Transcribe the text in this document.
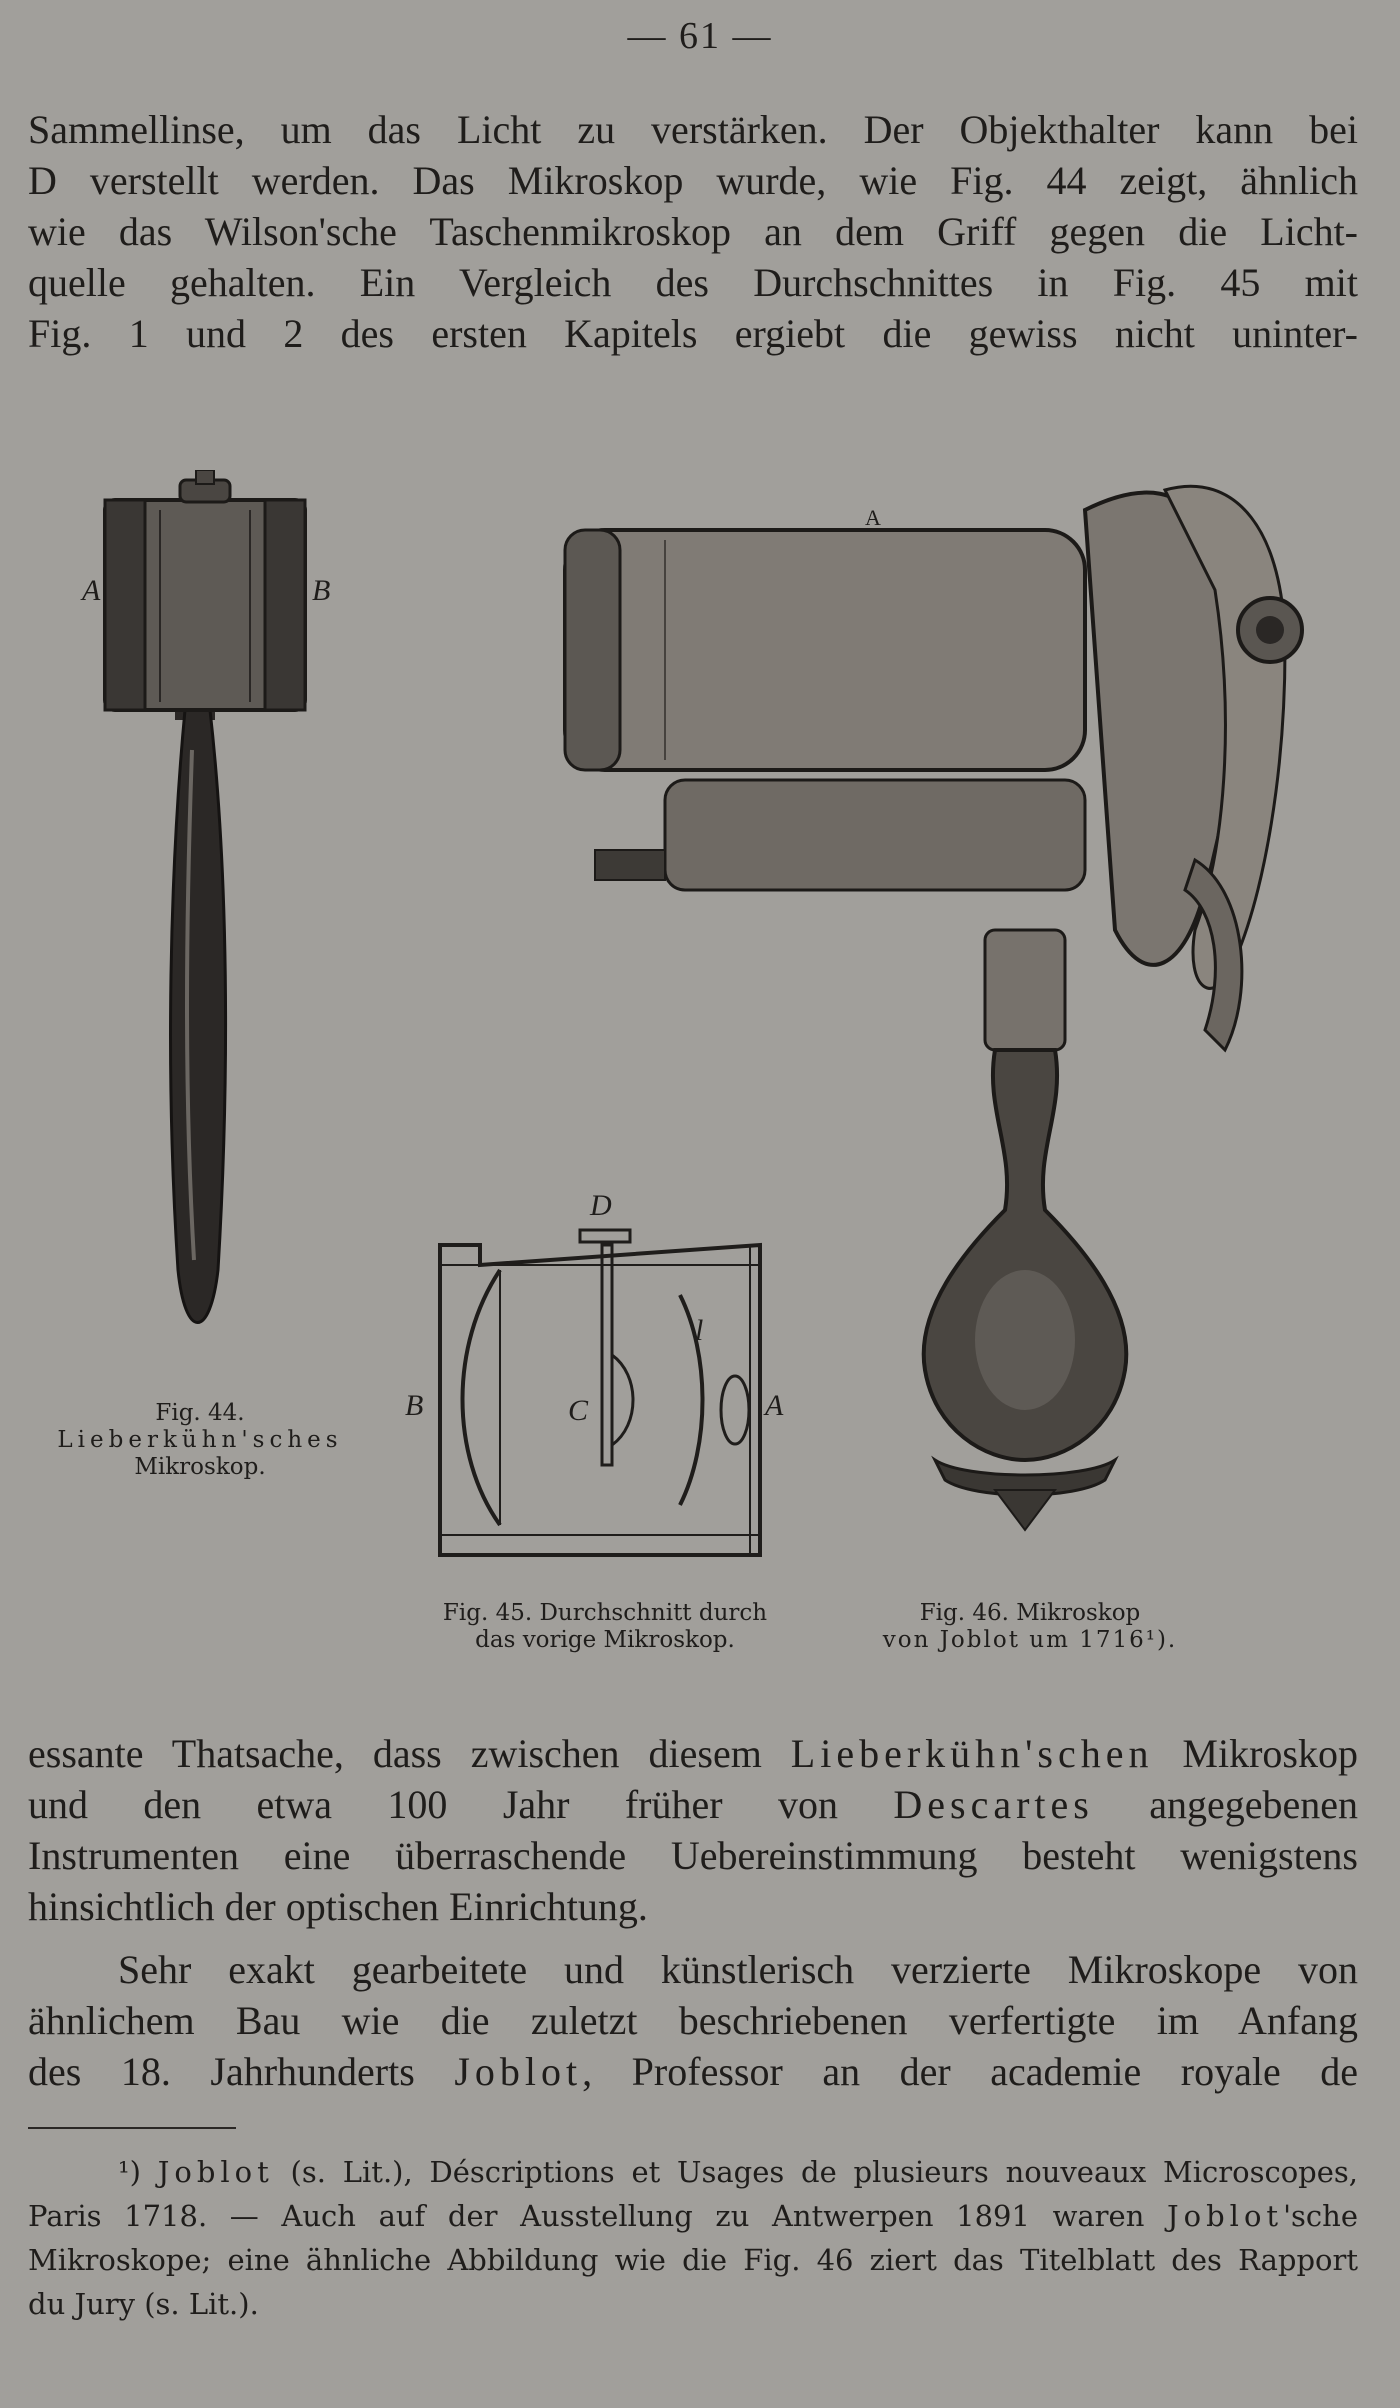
— 61 —
Sammellinse, um das Licht zu verstärken. Der Objekthalter kann bei
D verstellt werden. Das Mikroskop wurde, wie Fig. 44 zeigt, ähnlich
wie das Wilson'sche Taschenmikroskop an dem Griff gegen die Licht-
quelle gehalten. Ein Vergleich des Durchschnittes in Fig. 45 mit
Fig. 1 und 2 des ersten Kapitels ergiebt die gewiss nicht uninter-
A	B
Fig. 44.
Lieberkühn'sches
Mikroskop.
D
l
B	C	A
Fig. 45. Durchschnitt durch
das vorige Mikroskop.
A
Fig. 46. Mikroskop
von Joblot um 1716¹).
essante Thatsache, dass zwischen diesem Lieberkühn'schen Mikroskop
und den etwa 100 Jahr früher von Descartes angegebenen
Instrumenten eine überraschende Uebereinstimmung besteht wenigstens
hinsichtlich der optischen Einrichtung.
Sehr exakt gearbeitete und künstlerisch verzierte Mikroskope von
ähnlichem Bau wie die zuletzt beschriebenen verfertigte im Anfang
des 18. Jahrhunderts Joblot, Professor an der academie royale de
¹) Joblot (s. Lit.), Déscriptions et Usages de plusieurs nouveaux Microscopes,
Paris 1718. — Auch auf der Ausstellung zu Antwerpen 1891 waren Joblot'sche
Mikroskope; eine ähnliche Abbildung wie die Fig. 46 ziert das Titelblatt des Rapport
du Jury (s. Lit.).
